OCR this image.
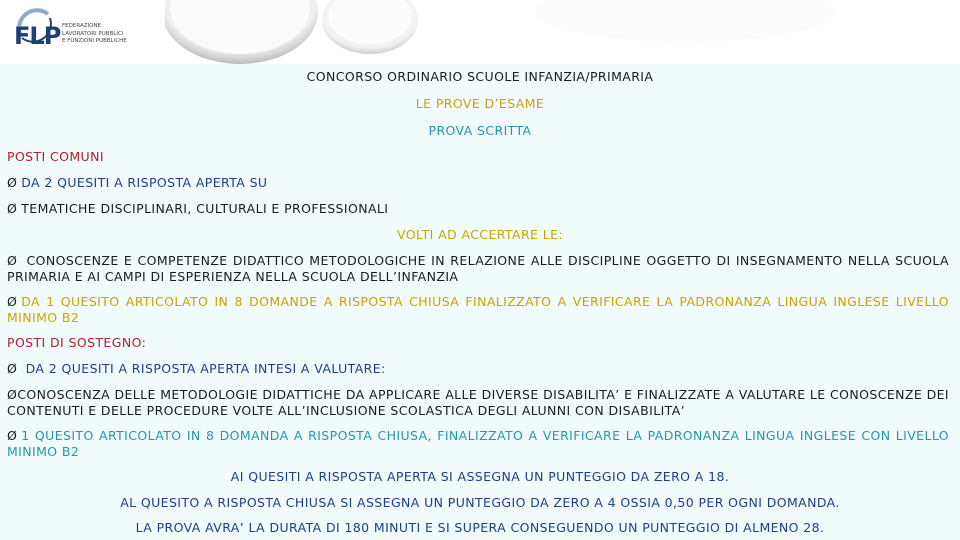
FLP FEDERAZIONE
LAVORATORI PUBBLICI
E FUNZIONI PUBBLICHE

CONCORSO ORDINARIO SCUOLE INFANZIA/PRIMARIA

LE PROVE D’ESAME

PROVA SCRITTA

POSTI COMUNI

Ø DA 2 QUESITI A RISPOSTA APERTA SU

Ø TEMATICHE DISCIPLINARI, CULTURALI E PROFESSIONALI

VOLTI AD ACCERTARE LE:

Ø CONOSCENZE E COMPETENZE DIDATTICO METODOLOGICHE IN RELAZIONE ALLE DISCIPLINE OGGETTO DI INSEGNAMENTO NELLA SCUOLA PRIMARIA E AI CAMPI DI ESPERIENZA NELLA SCUOLA DELL’INFANZIA

Ø DA 1 QUESITO ARTICOLATO IN 8 DOMANDE A RISPOSTA CHIUSA FINALIZZATO A VERIFICARE LA PADRONANZA LINGUA INGLESE LIVELLO MINIMO B2

POSTI DI SOSTEGNO:

Ø DA 2 QUESITI A RISPOSTA APERTA INTESI A VALUTARE:

ØCONOSCENZA DELLE METODOLOGIE DIDATTICHE DA APPLICARE ALLE DIVERSE DISABILITA’ E FINALIZZATE A VALUTARE LE CONOSCENZE DEI CONTENUTI E DELLE PROCEDURE VOLTE ALL’INCLUSIONE SCOLASTICA DEGLI ALUNNI CON DISABILITA’

Ø 1 QUESITO ARTICOLATO IN 8 DOMANDA A RISPOSTA CHIUSA, FINALIZZATO A VERIFICARE LA PADRONANZA LINGUA INGLESE CON LIVELLO MINIMO B2

AI QUESITI A RISPOSTA APERTA SI ASSEGNA UN PUNTEGGIO DA ZERO A 18.

AL QUESITO A RISPOSTA CHIUSA SI ASSEGNA UN PUNTEGGIO DA ZERO A 4 OSSIA 0,50 PER OGNI DOMANDA.

LA PROVA AVRA’ LA DURATA DI 180 MINUTI E SI SUPERA CONSEGUENDO UN PUNTEGGIO DI ALMENO 28.
